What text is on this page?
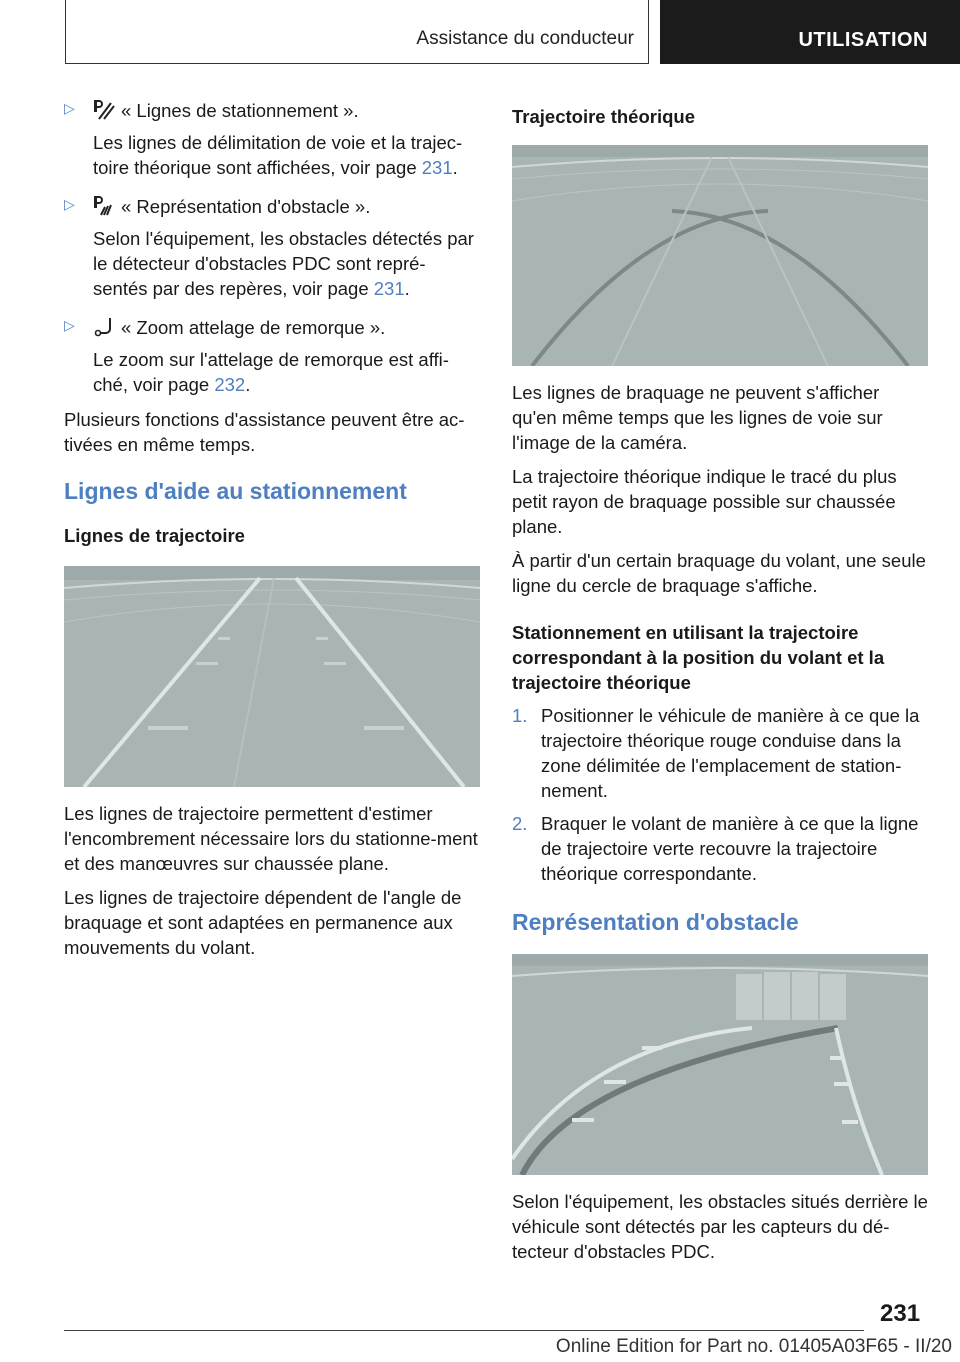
Assistance du conducteur	UTILISATION
▷	« Lignes de stationnement ».

Les lignes de délimitation de voie et la trajec-toire théorique sont affichées, voir page 231.

▷	« Représentation d'obstacle ».

Selon l'équipement, les obstacles détectés par le détecteur d'obstacles PDC sont repré-sentés par des repères, voir page 231.

▷	« Zoom attelage de remorque ».

Le zoom sur l'attelage de remorque est affi-ché, voir page 232.

Plusieurs fonctions d'assistance peuvent être ac-tivées en même temps.

Lignes d'aide au stationnement
Lignes de trajectoire

Les lignes de trajectoire permettent d'estimer l'encombrement nécessaire lors du stationne-ment et des manœuvres sur chaussée plane.

Les lignes de trajectoire dépendent de l'angle de braquage et sont adaptées en permanence aux mouvements du volant.

Trajectoire théorique

Les lignes de braquage ne peuvent s'afficher qu'en même temps que les lignes de voie sur l'image de la caméra.

La trajectoire théorique indique le tracé du plus petit rayon de braquage possible sur chaussée plane.

À partir d'un certain braquage du volant, une seule ligne du cercle de braquage s'affiche.

Stationnement en utilisant la trajectoire correspondant à la position du volant et la trajectoire théorique
1. Positionner le véhicule de manière à ce que la trajectoire théorique rouge conduise dans la zone délimitée de l'emplacement de station-nement.

2. Braquer le volant de manière à ce que la ligne de trajectoire verte recouvre la trajectoire théorique correspondante.

Représentation d'obstacle

Selon l'équipement, les obstacles situés derrière le véhicule sont détectés par les capteurs du dé-tecteur d'obstacles PDC.

231
Online Edition for Part no. 01405A03F65 - II/20
